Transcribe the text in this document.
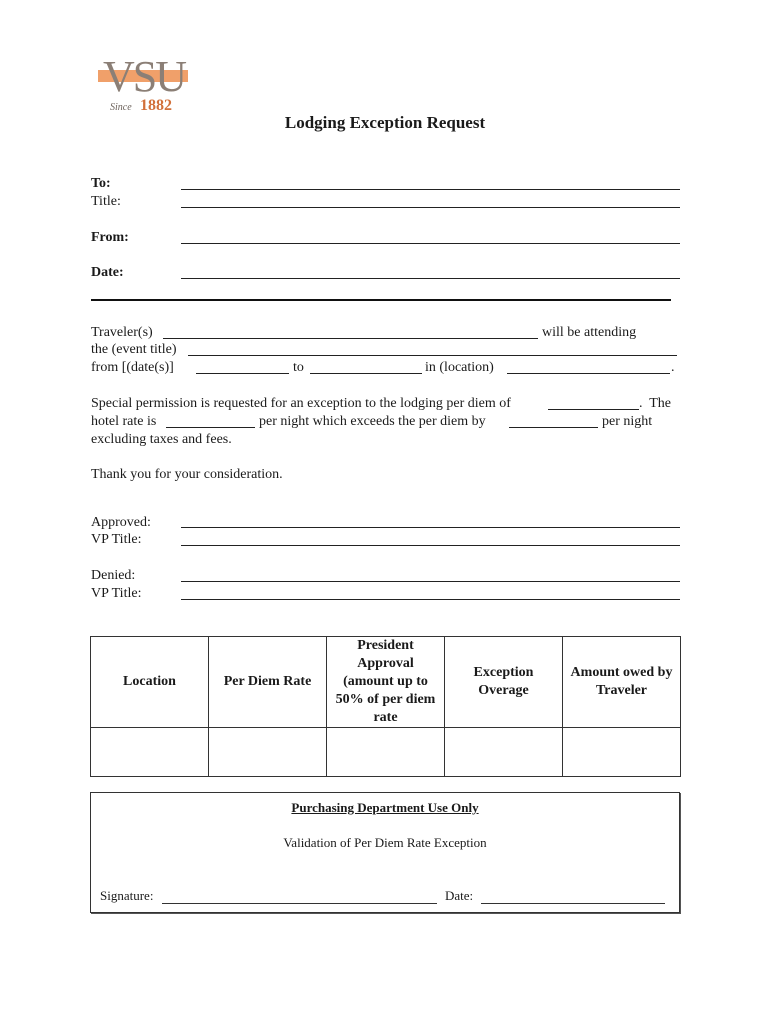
VSU
Since 1882
Lodging Exception Request
To:
Title:
From:
Date:
Traveler(s)	will be attending
the (event title)
from [(date(s)]	to	in (location)	.
Special permission is requested for an exception to the lodging per diem of	.  The
hotel rate is	per night which exceeds the per diem by	per night
excluding taxes and fees.
Thank you for your consideration.
Approved:
VP Title:
Denied:
VP Title:
Location	Per Diem Rate	President Approval (amount up to 50% of per diem rate	Exception Overage	Amount owed by Traveler

Purchasing Department Use Only
Validation of Per Diem Rate Exception
Signature:	Date:
